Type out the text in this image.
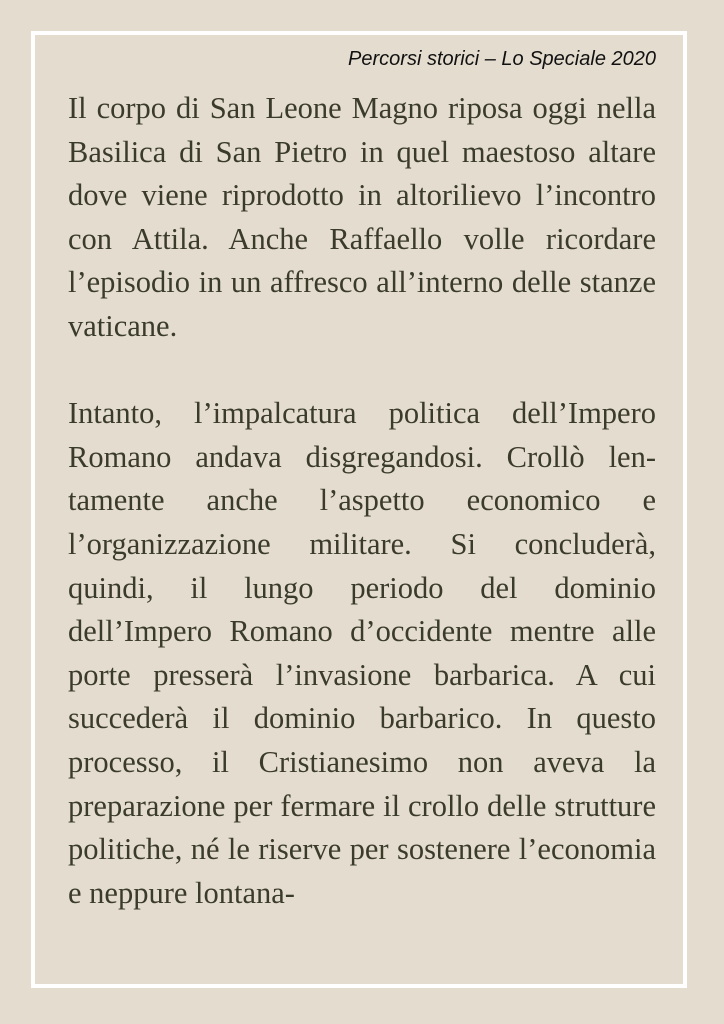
Percorsi storici – Lo Speciale 2020

Il corpo di San Leone Magno riposa oggi nella Basilica di San Pietro in quel maestoso altare dove viene riprodotto in altorilievo l’incontro con Attila. Anche Raffaello volle ricordare l’episodio in un affresco all’interno delle stanze vaticane.

Intanto, l’impalcatura politica dell’Impero Romano andava disgregandosi. Crollò lentamente anche l’aspetto economico e l’organizzazione militare. Si concluderà, quindi, il lungo periodo del dominio dell’Impero Romano d’occidente mentre alle porte presserà l’invasione barbarica. A cui succederà il dominio barbarico. In questo processo, il Cristianesimo non aveva la preparazione per fermare il crollo delle strutture politiche, né le riserve per sostenere l’economia e neppure lontana-
